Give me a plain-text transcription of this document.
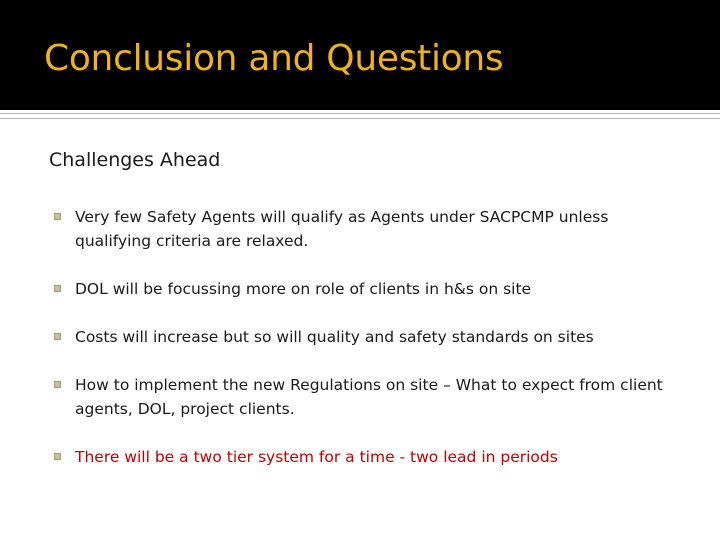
Conclusion and Questions
Challenges Ahead
Very few Safety Agents will qualify as Agents under SACPCMP unless qualifying criteria are relaxed.
DOL will be focussing more on role of clients in h&s on site
Costs will increase but so will quality and safety standards on sites
How to implement the new Regulations on site – What to expect from client agents, DOL, project clients.
There will be a two tier system for a time - two lead in periods
